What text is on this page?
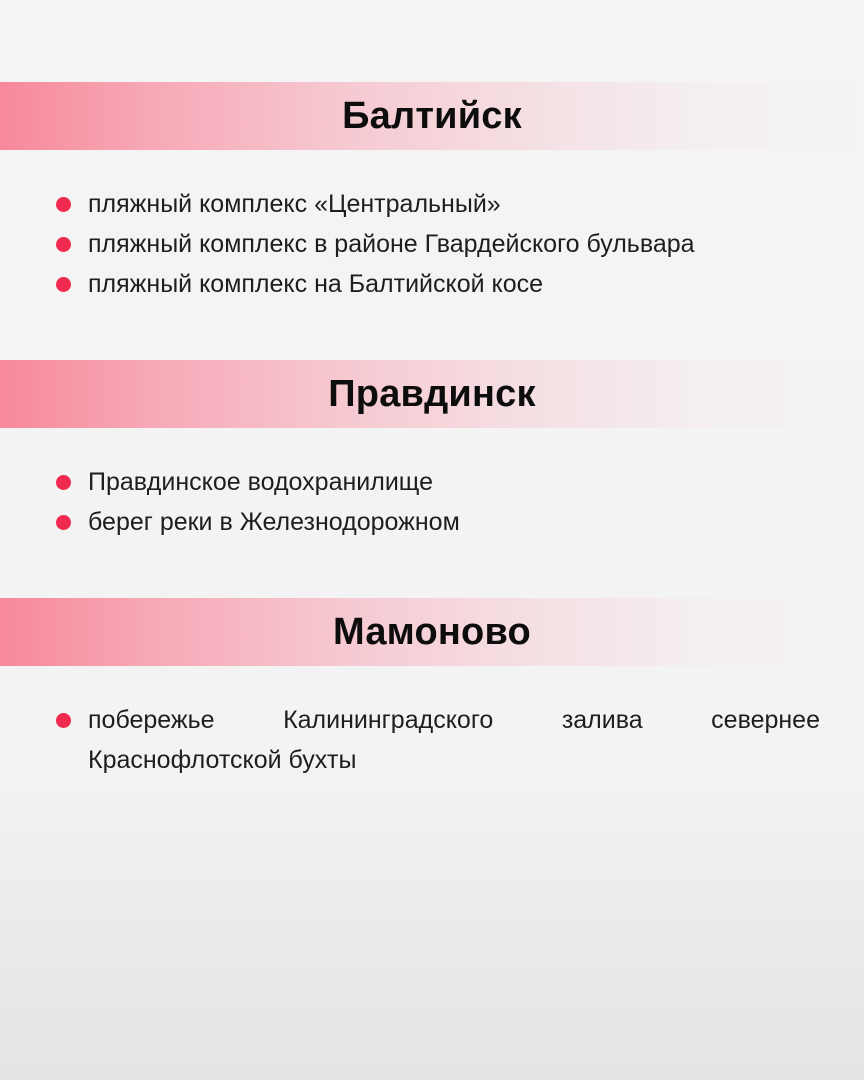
Балтийск
пляжный комплекс «Центральный»
пляжный комплекс в районе Гвардейского бульвара
пляжный комплекс на Балтийской косе
Правдинск
Правдинское водохранилище
берег реки в Железнодорожном
Мамоново
побережье Калининградского залива севернее Краснофлотской бухты
